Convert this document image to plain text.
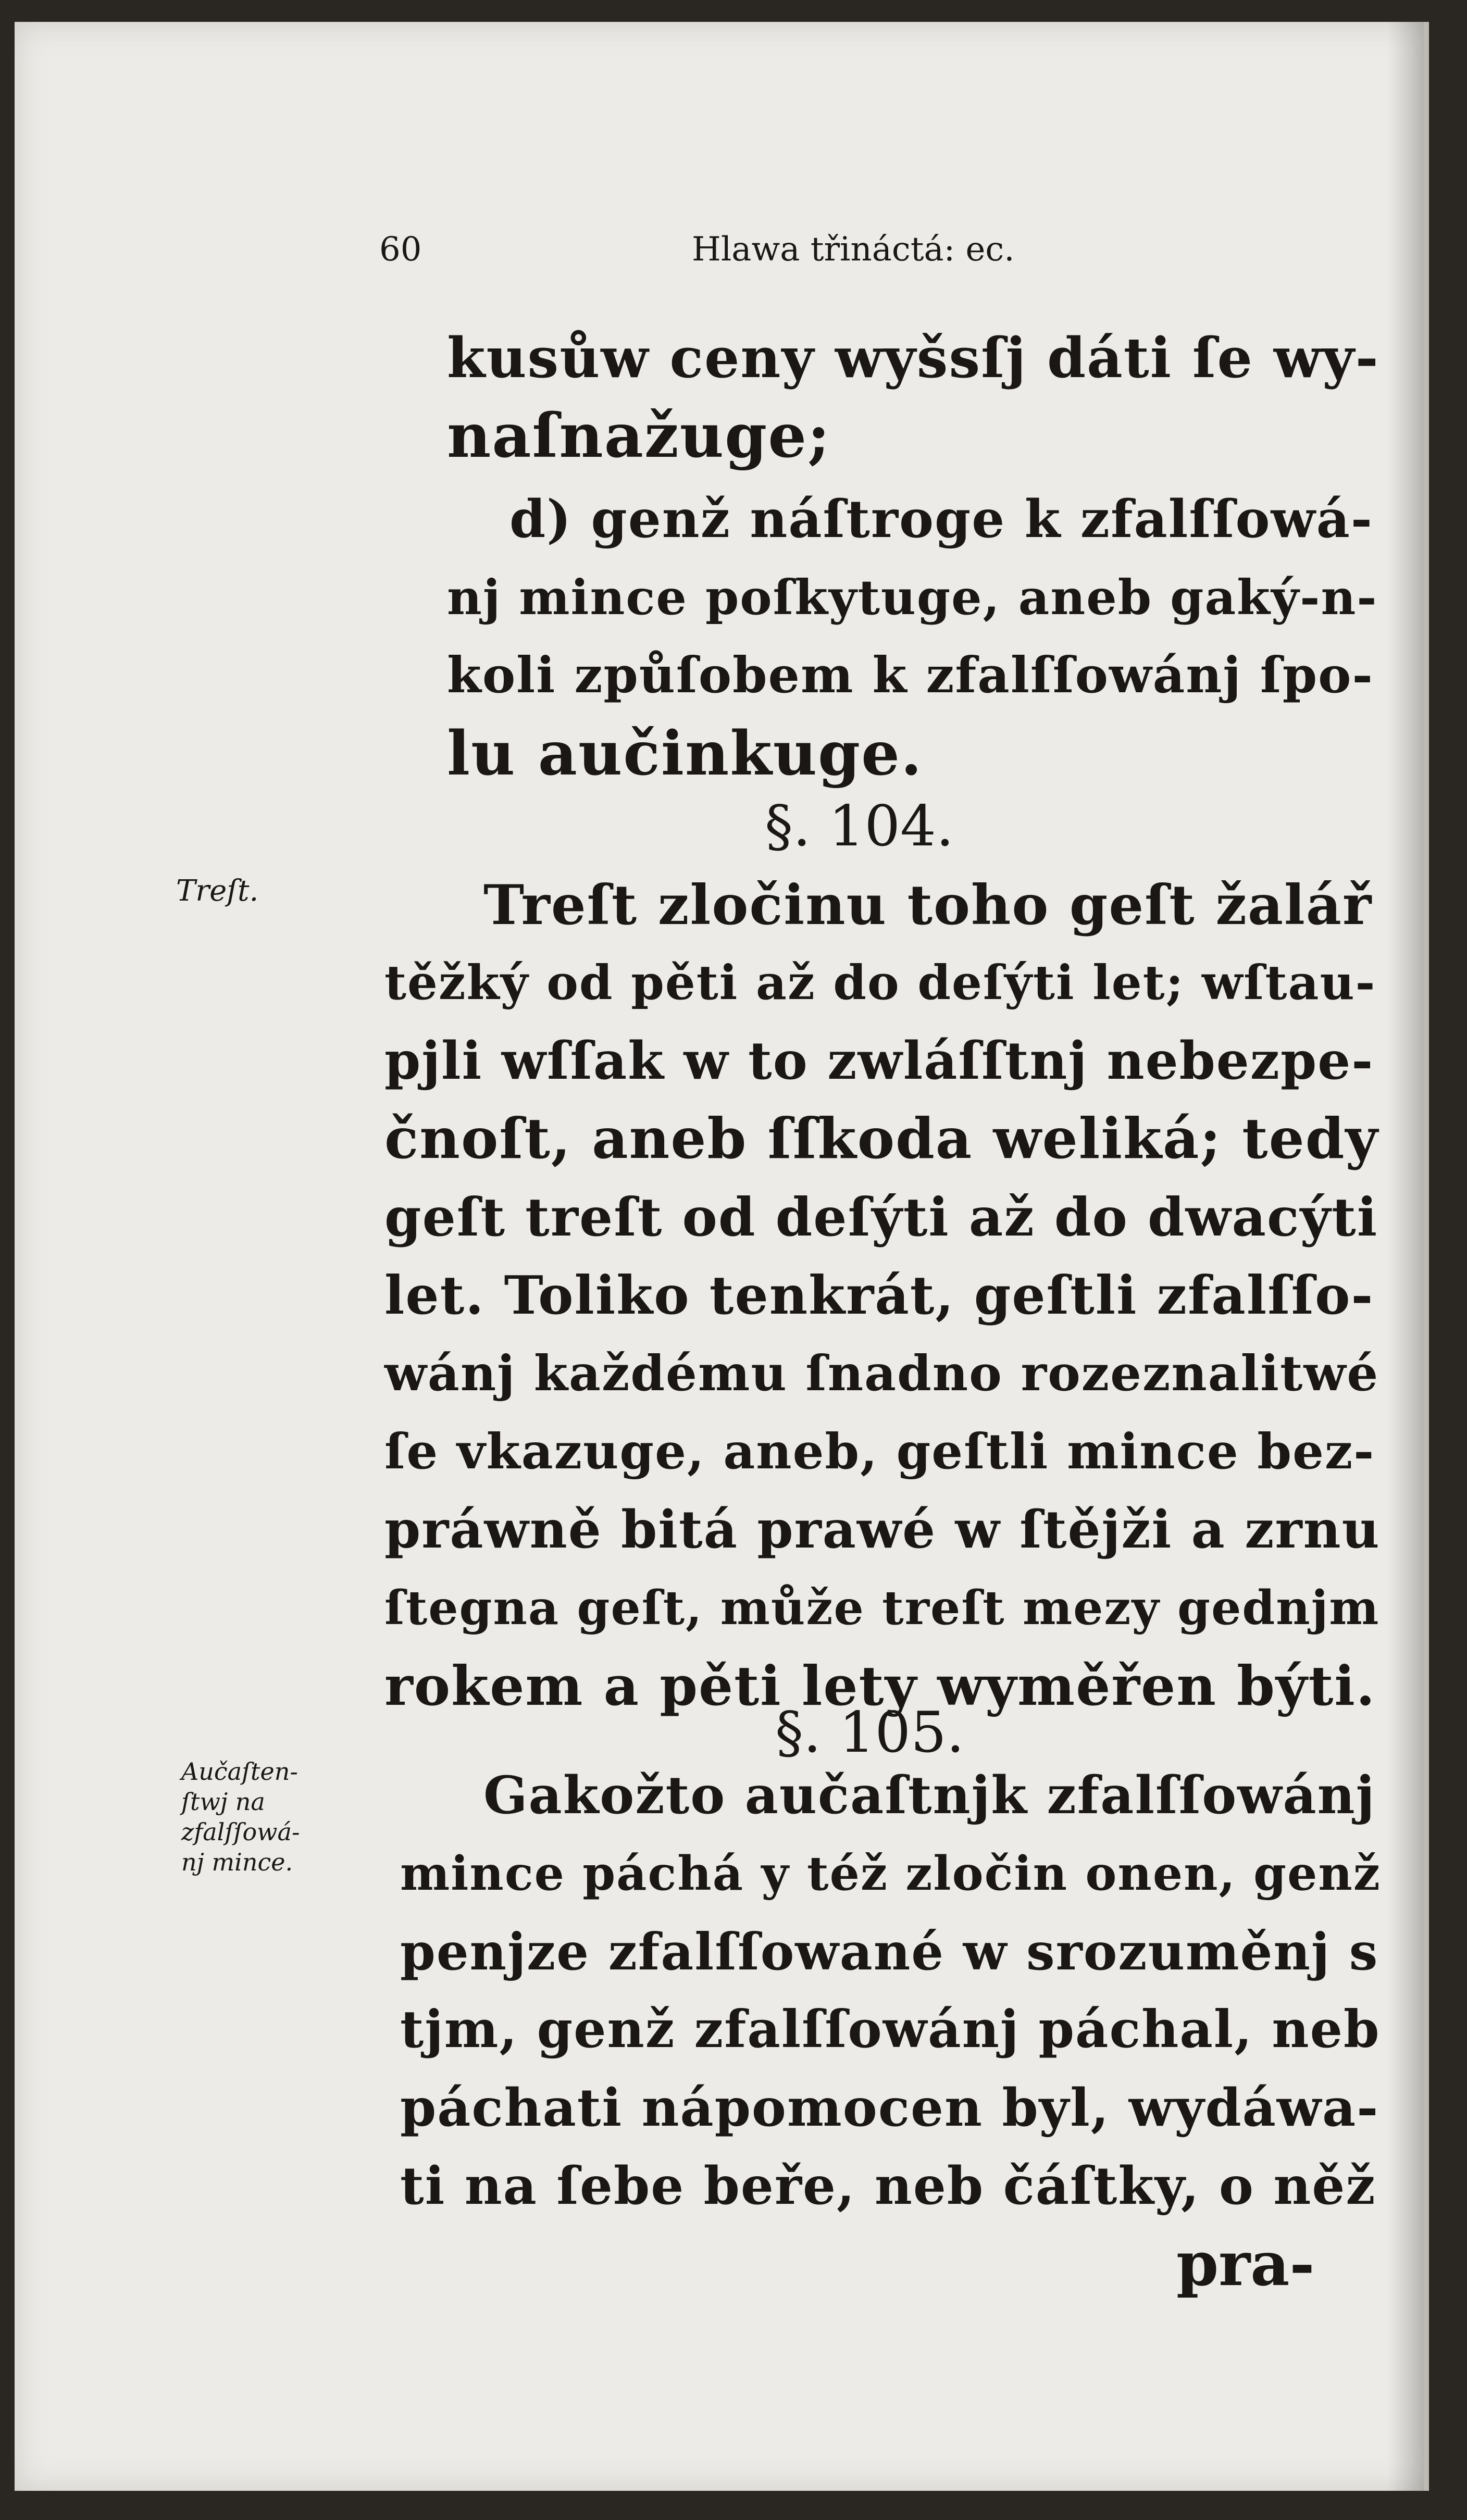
60	Hlawa třináctá: ec.
kusůw ceny wyšsſj dáti ſe wy-
naſnažuge;
d) genž náſtroge k zfalſſowá-
nj mince poſkytuge, aneb gaký-n-
koli způſobem k zfalſſowánj ſpo-
lu aučinkuge.
§. 104.
Treſt.	Treſt zločinu toho geſt žalář
těžký od pěti až do deſýti let; wſtau-
pjli wſſak w to zwláſſtnj nebezpe-
čnoſt, aneb ſſkoda weliká; tedy
geſt treſt od deſýti až do dwacýti
let. Toliko tenkrát, geſtli zfalſſo-
wánj každému ſnadno rozeznalitwé
ſe vkazuge, aneb, geſtli mince bez-
práwně bitá prawé w ſtějži a zrnu
ſtegna geſt, může treſt mezy gednjm
rokem a pěti lety wyměřen býti.
§. 105.
Aučaſten-
ſtwj na
zfalſſowá-
nj mince.
Gakožto aučaſtnjk zfalſſowánj
mince páchá y též zločin onen, genž
penjze zfalſſowané w srozuměnj s
tjm, genž zfalſſowánj páchal, neb
páchati nápomocen byl, wydáwa-
ti na ſebe beře, neb čáſtky, o něž
pra-
